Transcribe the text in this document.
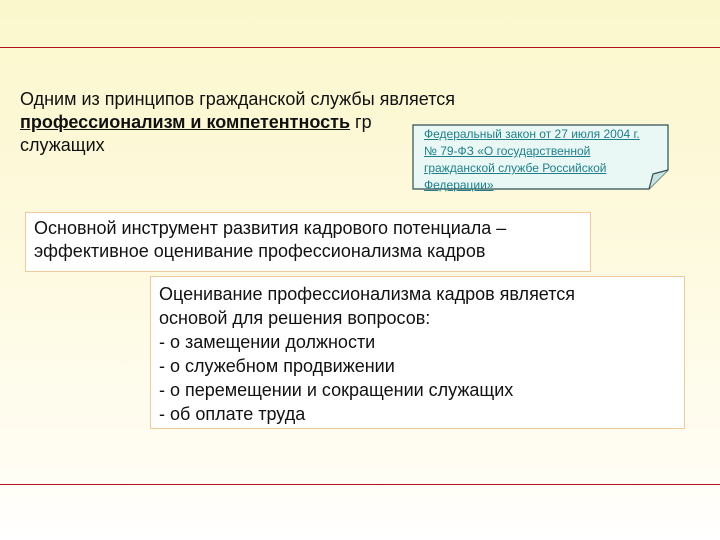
Одним из принципов гражданской службы является
профессионализм и компетентность гр
служащих
Федеральный закон от 27 июля 2004 г.
№ 79-ФЗ «О государственной
гражданской службе Российской
Федерации»
Основной инструмент развития кадрового потенциала –
эффективное оценивание профессионализма кадров
Оценивание профессионализма кадров является
основой для решения вопросов:
- о замещении должности
- о служебном продвижении
- о перемещении и сокращении служащих
- об оплате труда
